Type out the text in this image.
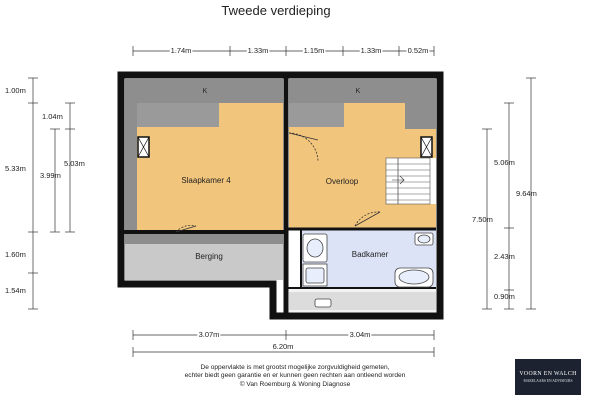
Tweede verdieping
Slaapkamer 4	Overloop
Berging	Badkamer
K	K
1.74m	1.33m	1.15m	1.33m	0.52m
3.07m	3.04m
6.20m
1.00m
5.33m
1.60m
1.54m
1.04m
3.99m
5.03m	5.06m
7.50m
9.64m
2.43m
0.90m
De oppervlakte is met grootst mogelijke zorgvuldigheid gemeten,
echter biedt geen garantie en er kunnen geen rechten aan ontleend worden
© Van Roemburg & Woning Diagnose
VOORN EN WALCH
MAKELAARS EN ADVISEURS
